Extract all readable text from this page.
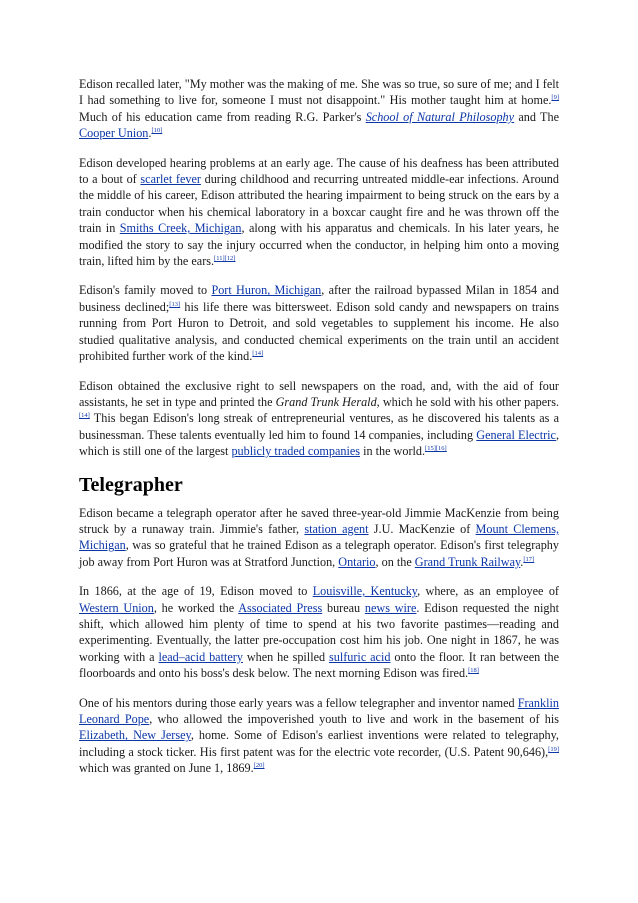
Edison recalled later, "My mother was the making of me. She was so true, so sure of me; and I felt I had something to live for, someone I must not disappoint." His mother taught him at home.[9] Much of his education came from reading R.G. Parker's School of Natural Philosophy and The Cooper Union.[10]

Edison developed hearing problems at an early age. The cause of his deafness has been attributed to a bout of scarlet fever during childhood and recurring untreated middle-ear infections. Around the middle of his career, Edison attributed the hearing impairment to being struck on the ears by a train conductor when his chemical laboratory in a boxcar caught fire and he was thrown off the train in Smiths Creek, Michigan, along with his apparatus and chemicals. In his later years, he modified the story to say the injury occurred when the conductor, in helping him onto a moving train, lifted him by the ears.[11][12]

Edison's family moved to Port Huron, Michigan, after the railroad bypassed Milan in 1854 and business declined;[13] his life there was bittersweet. Edison sold candy and newspapers on trains running from Port Huron to Detroit, and sold vegetables to supplement his income. He also studied qualitative analysis, and conducted chemical experiments on the train until an accident prohibited further work of the kind.[14]

Edison obtained the exclusive right to sell newspapers on the road, and, with the aid of four assistants, he set in type and printed the Grand Trunk Herald, which he sold with his other papers.[14] This began Edison's long streak of entrepreneurial ventures, as he discovered his talents as a businessman. These talents eventually led him to found 14 companies, including General Electric, which is still one of the largest publicly traded companies in the world.[15][16]

Telegrapher

Edison became a telegraph operator after he saved three-year-old Jimmie MacKenzie from being struck by a runaway train. Jimmie's father, station agent J.U. MacKenzie of Mount Clemens, Michigan, was so grateful that he trained Edison as a telegraph operator. Edison's first telegraphy job away from Port Huron was at Stratford Junction, Ontario, on the Grand Trunk Railway.[17]

In 1866, at the age of 19, Edison moved to Louisville, Kentucky, where, as an employee of Western Union, he worked the Associated Press bureau news wire. Edison requested the night shift, which allowed him plenty of time to spend at his two favorite pastimes—reading and experimenting. Eventually, the latter pre-occupation cost him his job. One night in 1867, he was working with a lead–acid battery when he spilled sulfuric acid onto the floor. It ran between the floorboards and onto his boss's desk below. The next morning Edison was fired.[18]

One of his mentors during those early years was a fellow telegrapher and inventor named Franklin Leonard Pope, who allowed the impoverished youth to live and work in the basement of his Elizabeth, New Jersey, home. Some of Edison's earliest inventions were related to telegraphy, including a stock ticker. His first patent was for the electric vote recorder, (U.S. Patent 90,646),[19] which was granted on June 1, 1869.[20]
